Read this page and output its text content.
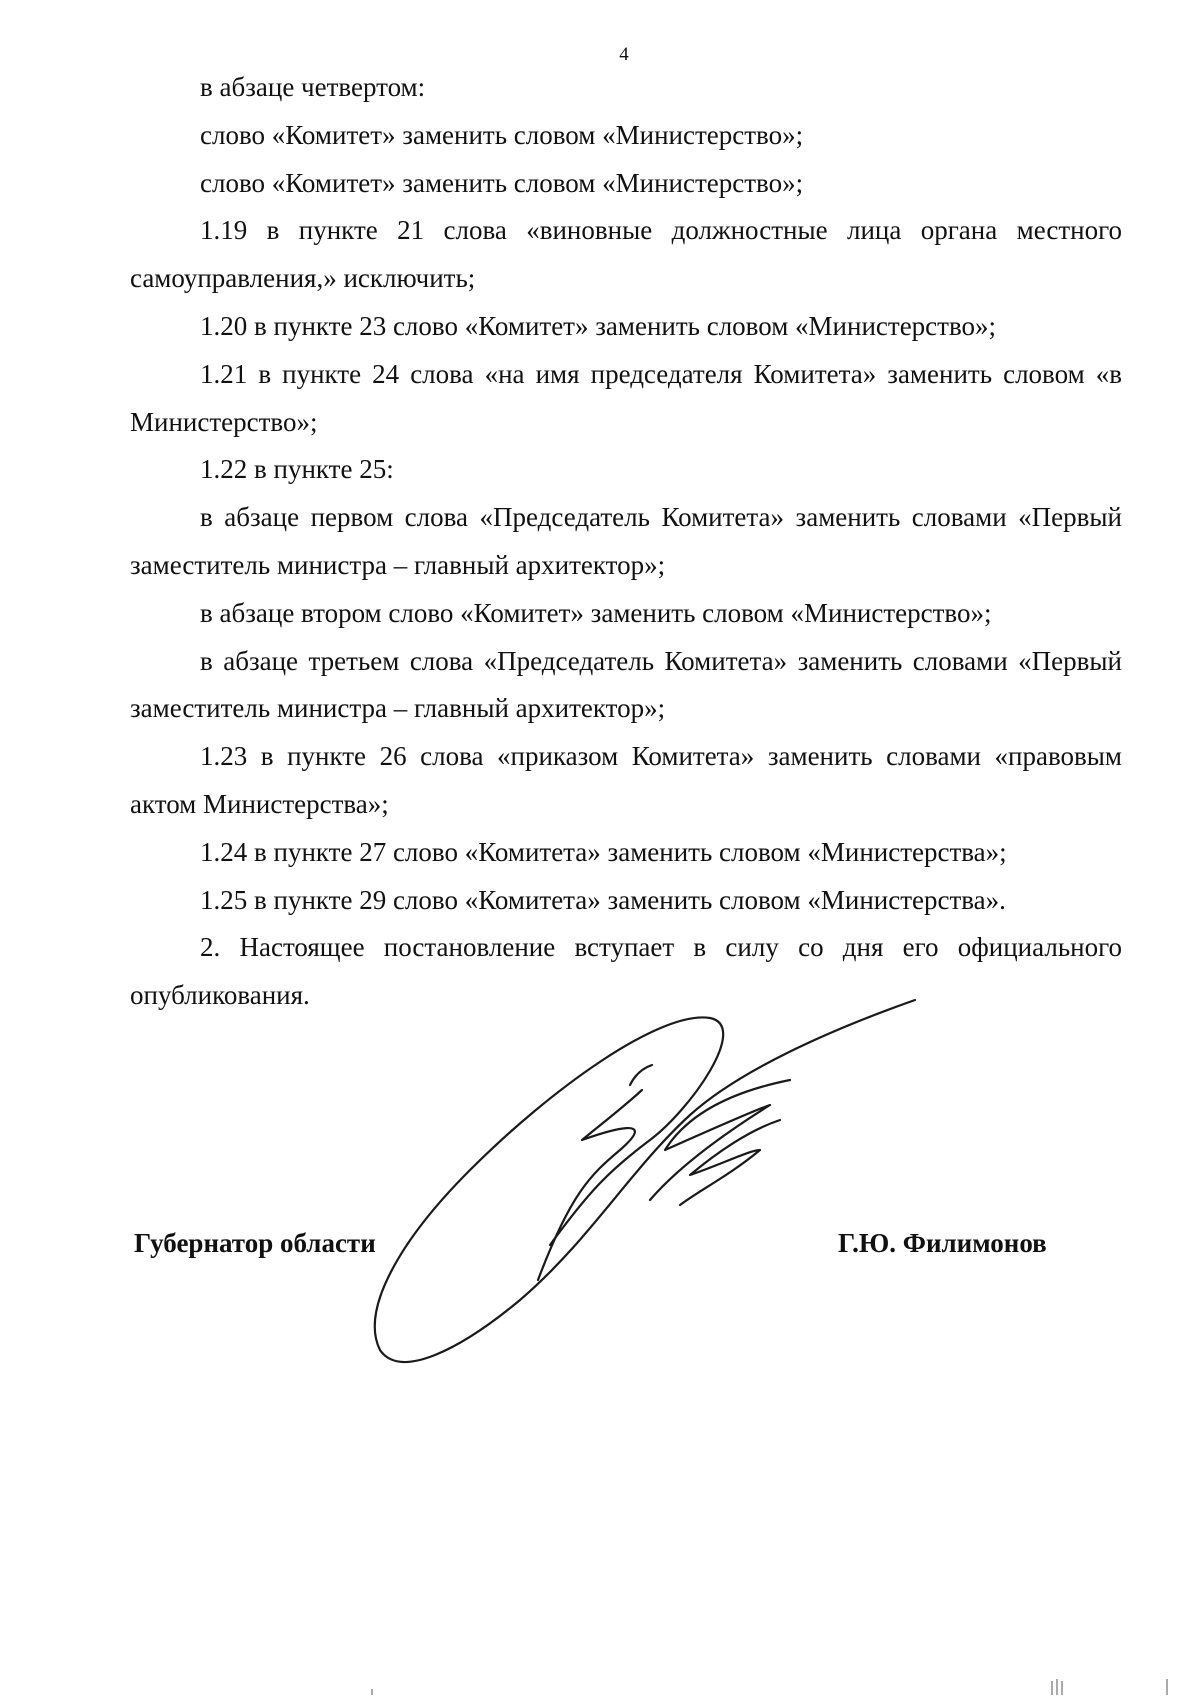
4

в абзаце четвертом:

слово «Комитет» заменить словом «Министерство»;

слово «Комитет» заменить словом «Министерство»;

1.19 в пункте 21 слова «виновные должностные лица органа местного самоуправления,» исключить;

1.20 в пункте 23 слово «Комитет» заменить словом «Министерство»;

1.21 в пункте 24 слова «на имя председателя Комитета» заменить словом «в Министерство»;

1.22 в пункте 25:

в абзаце первом слова «Председатель Комитета» заменить словами «Первый заместитель министра – главный архитектор»;

в абзаце втором слово «Комитет» заменить словом «Министерство»;

в абзаце третьем слова «Председатель Комитета» заменить словами «Первый заместитель министра – главный архитектор»;

1.23 в пункте 26 слова «приказом Комитета» заменить словами «правовым актом Министерства»;

1.24 в пункте 27 слово «Комитета» заменить словом «Министерства»;

1.25 в пункте 29 слово «Комитета» заменить словом «Министерства».

2. Настоящее постановление вступает в силу со дня его официального опубликования.

Губернатор области	Г.Ю. Филимонов
